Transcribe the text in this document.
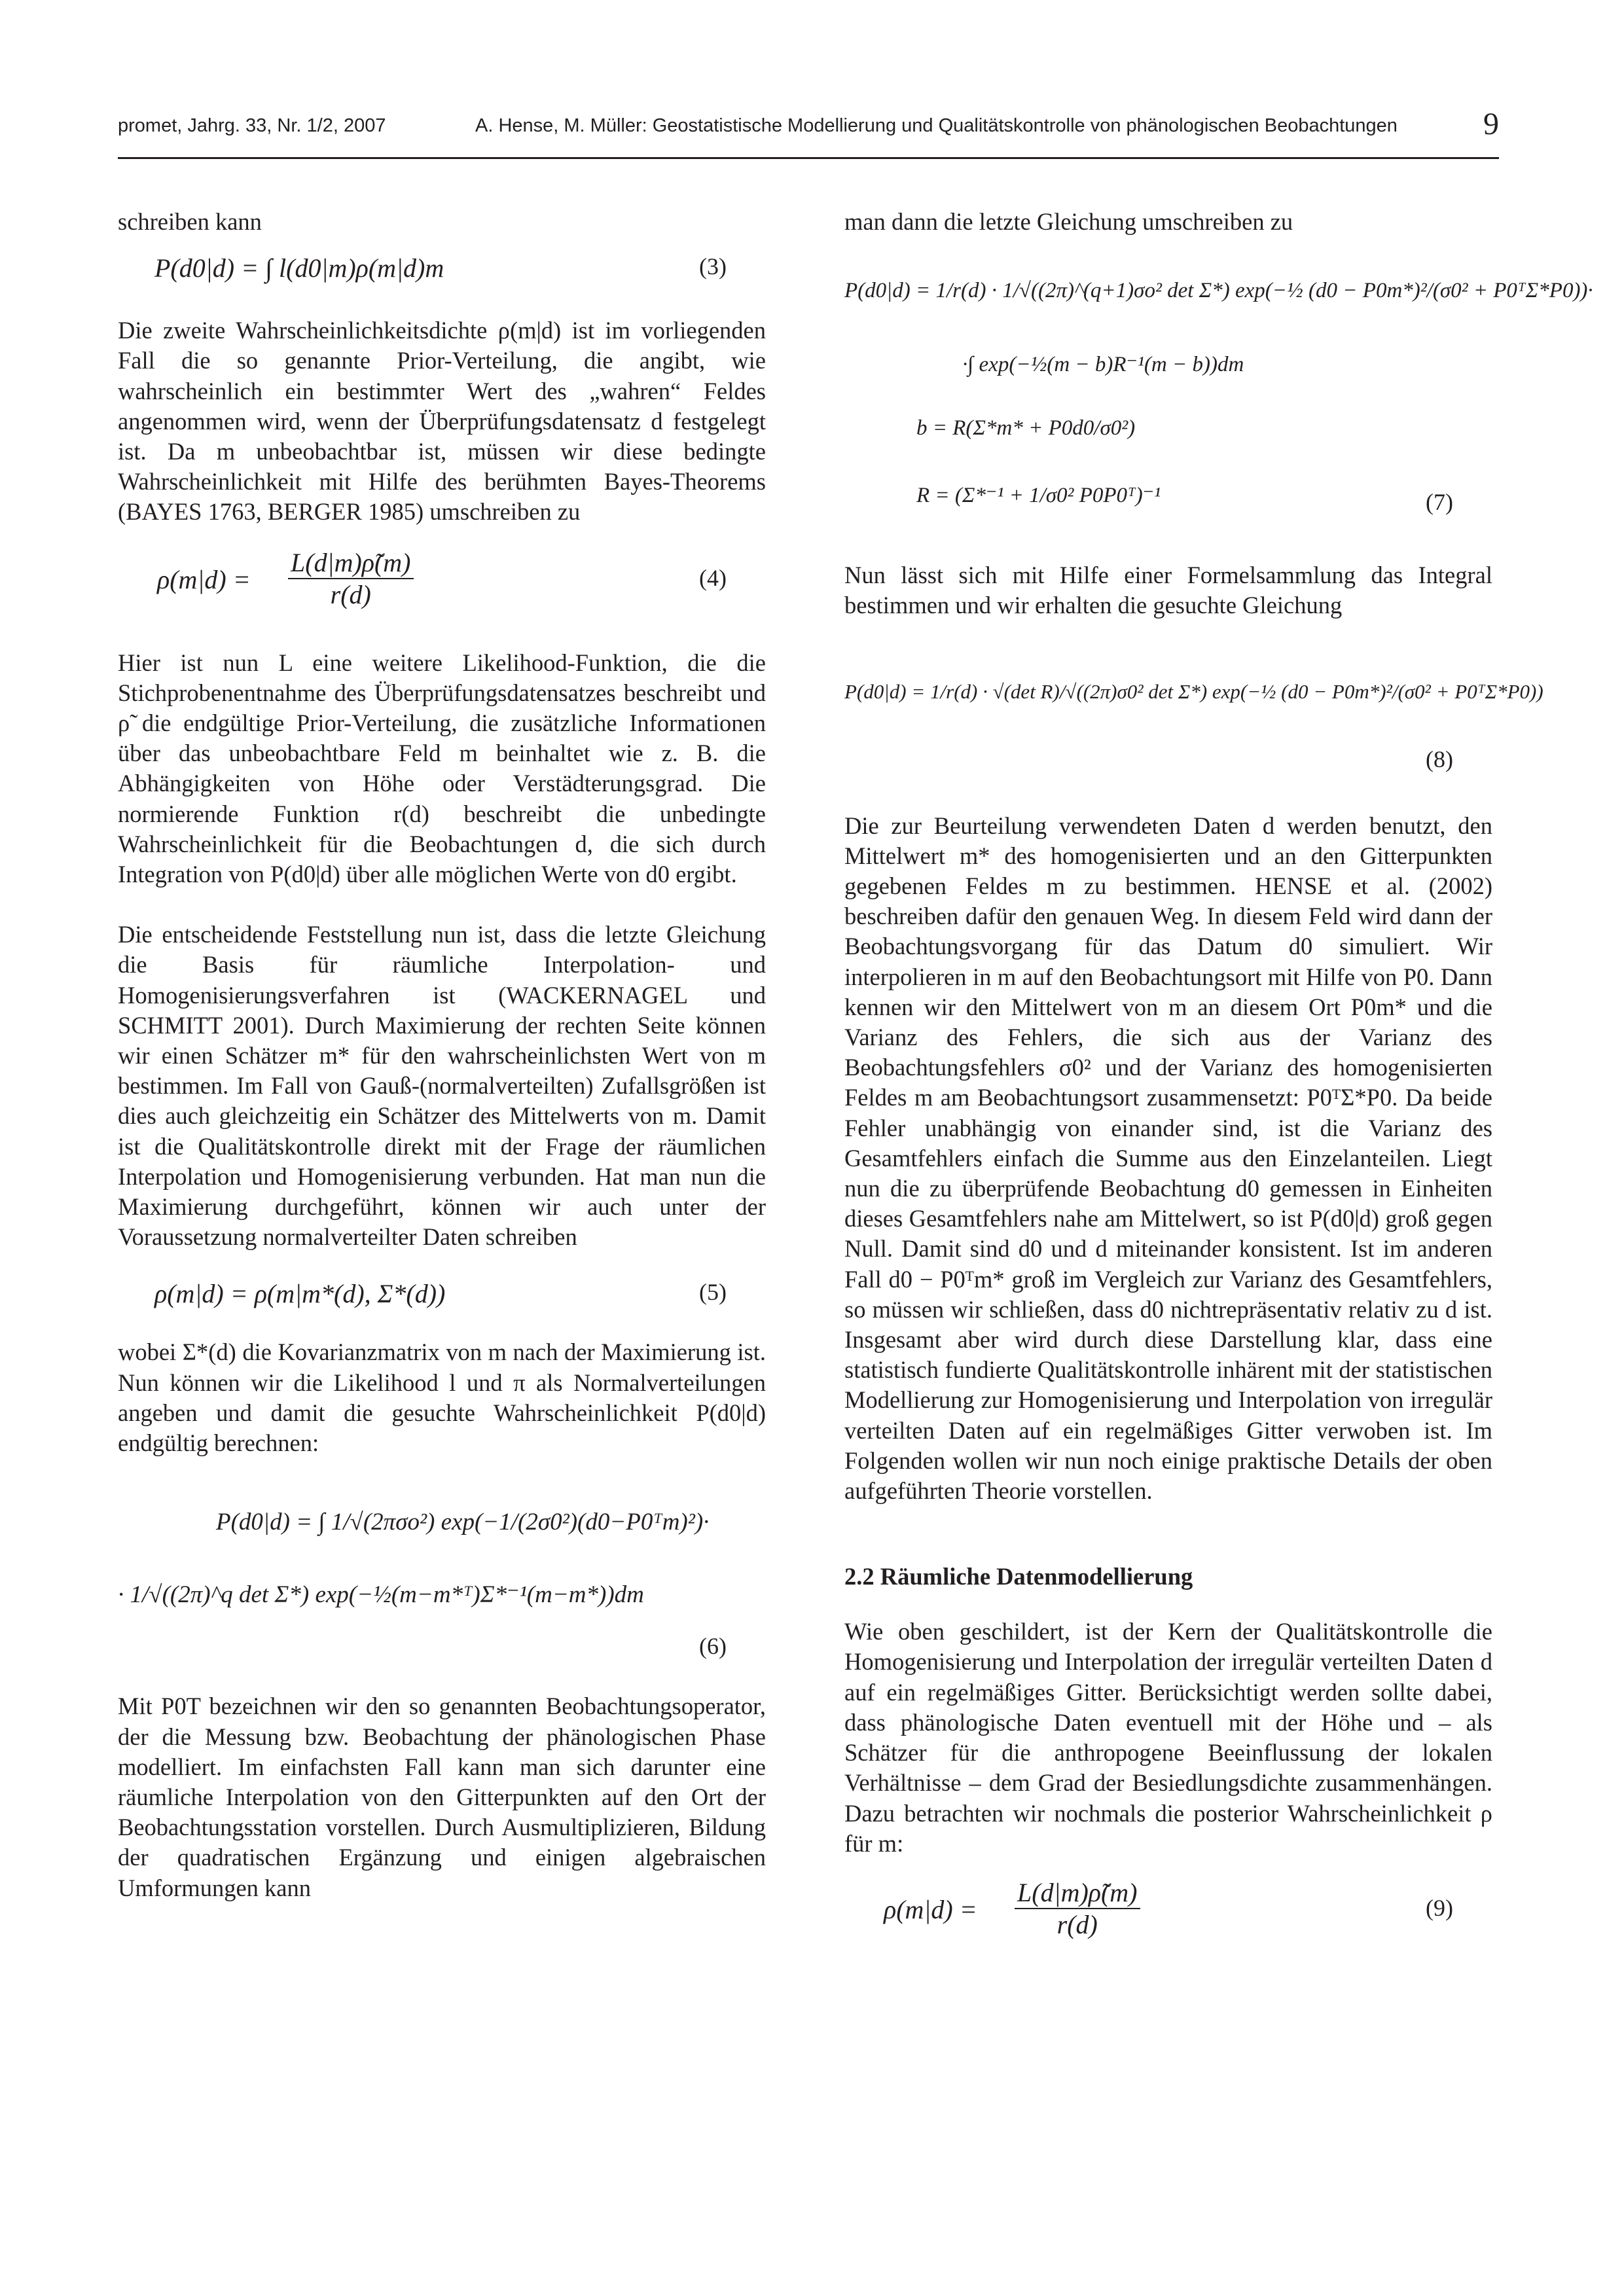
promet, Jahrg. 33, Nr. 1/2, 2007	A. Hense, M. Müller: Geostatistische Modellierung und Qualitätskontrolle von phänologischen Beobachtungen	9

schreiben kann

P(d0|d) = ∫ l(d0|m)ρ(m|d)m	(3)

Die zweite Wahrscheinlichkeitsdichte ρ(m|d) ist im vorliegenden Fall die so genannte Prior-Verteilung, die angibt, wie wahrscheinlich ein bestimmter Wert des „wahren“ Feldes angenommen wird, wenn der Überprüfungsdatensatz d festgelegt ist. Da m unbeobachtbar ist, müssen wir diese bedingte Wahrscheinlichkeit mit Hilfe des berühmten Bayes-Theorems (BAYES 1763, BERGER 1985) umschreiben zu

$\rho(m|d) = \frac{L(d|m)\rhõ(m)}{r(d)}$	(4)

Hier ist nun L eine weitere Likelihood-Funktion, die die Stichprobenentnahme des Überprüfungsdatensatzes beschreibt und ρ̃ die endgültige Prior-Verteilung, die zusätzliche Informationen über das unbeobachtbare Feld m beinhaltet wie z. B. die Abhängigkeiten von Höhe oder Verstädterungsgrad. Die normierende Funktion r(d) beschreibt die unbedingte Wahrscheinlichkeit für die Beobachtungen d, die sich durch Integration von P(d0|d) über alle möglichen Werte von d0 ergibt.

Die entscheidende Feststellung nun ist, dass die letzte Gleichung die Basis für räumliche Interpolation- und Homogenisierungsverfahren ist (WACKERNAGEL und SCHMITT 2001). Durch Maximierung der rechten Seite können wir einen Schätzer m* für den wahrscheinlichsten Wert von m bestimmen. Im Fall von Gauß-(normalverteilten) Zufallsgrößen ist dies auch gleichzeitig ein Schätzer des Mittelwerts von m. Damit ist die Qualitätskontrolle direkt mit der Frage der räumlichen Interpolation und Homogenisierung verbunden. Hat man nun die Maximierung durchgeführt, können wir auch unter der Voraussetzung normalverteilter Daten schreiben

ρ(m|d) = ρ(m|m*(d), Σ*(d))	(5)

wobei Σ*(d) die Kovarianzmatrix von m nach der Maximierung ist. Nun können wir die Likelihood l und π als Normalverteilungen angeben und damit die gesuchte Wahrscheinlichkeit P(d0|d) endgültig berechnen:

P(d0|d) = ∫ 1/√(2πσo²) exp(−1/(2σ0²)(d0−P0ᵀm)²)·
· 1/√((2π)^q det Σ*) exp(−½(m−m*ᵀ)Σ*⁻¹(m−m*))dm
(6)

Mit P0T bezeichnen wir den so genannten Beobachtungsoperator, der die Messung bzw. Beobachtung der phänologischen Phase modelliert. Im einfachsten Fall kann man sich darunter eine räumliche Interpolation von den Gitterpunkten auf den Ort der Beobachtungsstation vorstellen. Durch Ausmultiplizieren, Bildung der quadratischen Ergänzung und einigen algebraischen Umformungen kann

man dann die letzte Gleichung umschreiben zu

P(d0|d) = 1/r(d) · 1/√((2π)^(q+1)σo² det Σ*) exp(−½ (d0 − P0m*)²/(σ0² + P0ᵀΣ*P0))·
·∫ exp(−½(m − b)R⁻¹(m − b))dm
b = R(Σ*m* + P0d0/σ0²)
R = (Σ*⁻¹ + 1/σ0² P0P0ᵀ)⁻¹	(7)

Nun lässt sich mit Hilfe einer Formelsammlung das Integral bestimmen und wir erhalten die gesuchte Gleichung

P(d0|d) = 1/r(d) · √(det R)/√((2π)σ0² det Σ*) exp(−½ (d0 − P0m*)²/(σ0² + P0ᵀΣ*P0))
(8)

Die zur Beurteilung verwendeten Daten d werden benutzt, den Mittelwert m* des homogenisierten und an den Gitterpunkten gegebenen Feldes m zu bestimmen. HENSE et al. (2002) beschreiben dafür den genauen Weg. In diesem Feld wird dann der Beobachtungsvorgang für das Datum d0 simuliert. Wir interpolieren in m auf den Beobachtungsort mit Hilfe von P0. Dann kennen wir den Mittelwert von m an diesem Ort P0m* und die Varianz des Fehlers, die sich aus der Varianz des Beobachtungsfehlers σ0² und der Varianz des homogenisierten Feldes m am Beobachtungsort zusammensetzt: P0ᵀΣ*P0. Da beide Fehler unabhängig von einander sind, ist die Varianz des Gesamtfehlers einfach die Summe aus den Einzelanteilen. Liegt nun die zu überprüfende Beobachtung d0 gemessen in Einheiten dieses Gesamtfehlers nahe am Mittelwert, so ist P(d0|d) groß gegen Null. Damit sind d0 und d miteinander konsistent. Ist im anderen Fall d0 − P0ᵀm* groß im Vergleich zur Varianz des Gesamtfehlers, so müssen wir schließen, dass d0 nichtrepräsentativ relativ zu d ist. Insgesamt aber wird durch diese Darstellung klar, dass eine statistisch fundierte Qualitätskontrolle inhärent mit der statistischen Modellierung zur Homogenisierung und Interpolation von irregulär verteilten Daten auf ein regelmäßiges Gitter verwoben ist. Im Folgenden wollen wir nun noch einige praktische Details der oben aufgeführten Theorie vorstellen.

2.2 Räumliche Datenmodellierung

Wie oben geschildert, ist der Kern der Qualitätskontrolle die Homogenisierung und Interpolation der irregulär verteilten Daten d auf ein regelmäßiges Gitter. Berücksichtigt werden sollte dabei, dass phänologische Daten eventuell mit der Höhe und – als Schätzer für die anthropogene Beeinflussung der lokalen Verhältnisse – dem Grad der Besiedlungsdichte zusammenhängen. Dazu betrachten wir nochmals die posterior Wahrscheinlichkeit ρ für m:

$\rho(m|d) = \frac{L(d|m)\rhõ(m)}{r(d)}$	(9)
